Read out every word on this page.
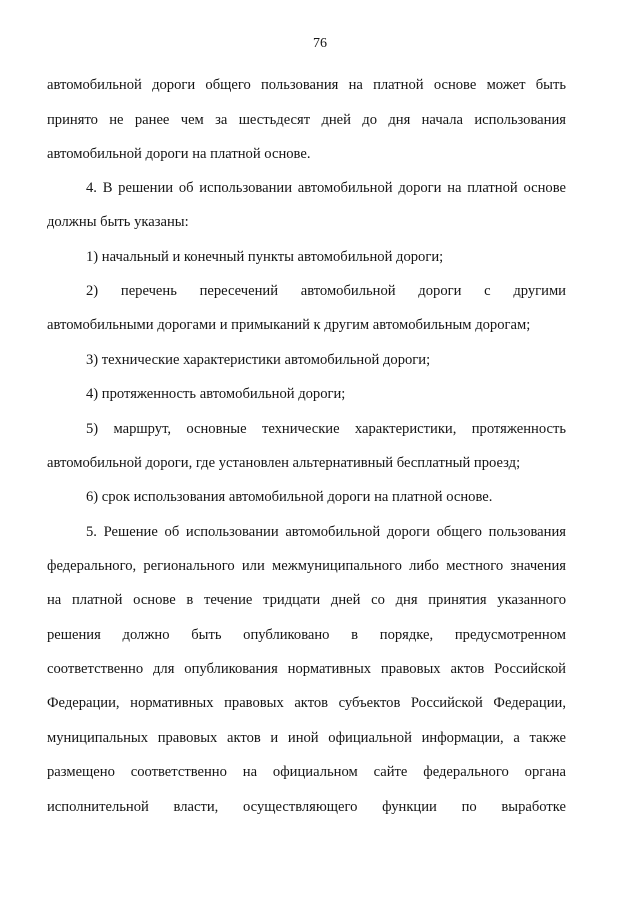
76
автомобильной дороги общего пользования на платной основе может быть
принято не ранее чем за шестьдесят дней до дня начала использования
автомобильной дороги на платной основе.
4. В решении об использовании автомобильной дороги на платной основе
должны быть указаны:
1) начальный и конечный пункты автомобильной дороги;
2) перечень пересечений автомобильной дороги с другими
автомобильными дорогами и примыканий к другим автомобильным дорогам;
3) технические характеристики автомобильной дороги;
4) протяженность автомобильной дороги;
5) маршрут, основные технические характеристики, протяженность
автомобильной дороги, где установлен альтернативный бесплатный проезд;
6) срок использования автомобильной дороги на платной основе.
5. Решение об использовании автомобильной дороги общего пользования
федерального, регионального или межмуниципального либо местного значения
на платной основе в течение тридцати дней со дня принятия указанного
решения должно быть опубликовано в порядке, предусмотренном
соответственно для опубликования нормативных правовых актов Российской
Федерации, нормативных правовых актов субъектов Российской Федерации,
муниципальных правовых актов и иной официальной информации, а также
размещено соответственно на официальном сайте федерального органа
исполнительной власти, осуществляющего функции по выработке
